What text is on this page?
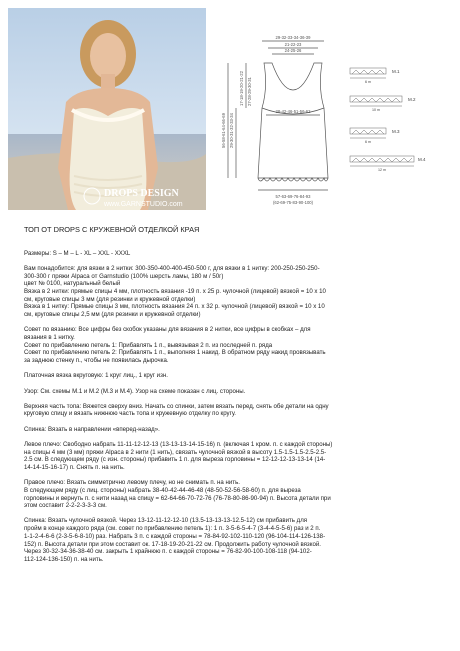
DROPS DESIGN
www.GARNSTUDIO.com
29-32-33-34-36-39
21-22-23
24-25-26
38-42-46-51-56-62
57-63-69-76-84-93
(62-69-75-83-90-100)
56-58-61-64-66-69 29-30-31-32-33-34
17-18-19-20-21-22 27-28-29-30-31
M.1
M.2
M.3
M.4
6 m
10 m
6 m
12 m

ТОП ОТ DROPS С КРУЖЕВНОЙ ОТДЕЛКОЙ КРАЯ

Размеры: S – M – L - XL – XXL - XXXL

Вам понадобится: для вязки в 2 нитки: 300-350-400-400-450-500 г, для вязки в 1 нитку: 200-250-250-250-
300-300 г пряжи Alpaca от Garnstudio (100% шерсть ламы, 180 м / 50г)
цвет № 0100, натуральный белый
Вязка в 2 нитки: прямые спицы 4 мм, плотность вязания -19 п. х 25 р. чулочной (лицевой) вязкой = 10 х 10
см, круговые спицы 3 мм (для резинки и кружевной отделки)
Вязка в 1 нитку: Прямые спицы 3 мм, плотность вязания 24 п. х 32 р. чулочной (лицевой) вязкой = 10 х 10
см, круговые спицы 2,5 мм (для резинки и кружевной отделки)

Совет по вязанию: Все цифры без скобок указаны для вязания в 2 нитки, все цифры в скобках – для
вязания в 1 нитку.
Совет по прибавлению петель 1: Прибавлять 1 п., вывязывая 2 п. из последней п. ряда
Совет по прибавлению петель 2: Прибавлять 1 п., выполняя 1 накид. В обратном ряду накид провязывать
за заднюю стенку п., чтобы не появилась дырочка.

Платочная вязка вкруговую: 1 круг лиц., 1 круг изн.

Узор: См. схемы М.1 и М.2 (М.3 и М.4). Узор на схеме показан с лиц. стороны.

Верхняя часть топа: Вяжется сверху вниз. Начать со спинки, затем вязать перед, снять обе детали на одну
круговую спицу и вязать нижнюю часть топа и кружевную отделку по кругу.

Спинка: Вязать в направлении «вперед-назад».

Левое плечо: Свободно набрать 11-11-12-12-13 (13-13-13-14-15-16) п. (включая 1 кром. п. с каждой стороны)
на спицы 4 мм (3 мм) пряжи Alpaca в 2 нити (1 нить), связать чулочной вязкой в высоту 1.5-1.5-1.5-2.5-2.5-
2.5 см. В следующем ряду (с изн. стороны) прибавить 1 п. для выреза горловины = 12-12-12-13-13-14 (14-
14-14-15-16-17) п. Снять п. на нить.

Правое плечо: Вязать симметрично левому плечу, но не снимать п. на нить.
В следующем ряду (с лиц. стороны) набрать 38-40-42-44-46-48 (48-50-52-56-58-60) п. для выреза
горловины и вернуть п. с нити назад на спицу = 62-64-66-70-72-76 (76-78-80-86-90-94) п. Высота детали при
этом составит 2-2-2-3-3-3 см.

Спинка: Вязать чулочной вязкой. Через 13-12-11-12-12-10 (13.5-13-13-13-12.5-12) см прибавить для
пройм в конце каждого ряда (см. совет по прибавлению петель 1): 1 п. 3-5-6-5-4-7 (3-4-4-5-5-6) раз и 2 п.
1-1-2-4-6-6 (2-3-5-6-8-10) раз. Набрать 3 п. с каждой стороны = 78-84-92-102-110-120 (96-104-114-126-138-
152) п. Высота детали при этом составит ок. 17-18-19-20-21-22 см. Продолжить работу чулочной вязкой.
Через 30-32-34-36-38-40 см. закрыть 1 крайнюю п. с каждой стороны = 76-82-90-100-108-118 (94-102-
112-124-136-150) п. на нить.
